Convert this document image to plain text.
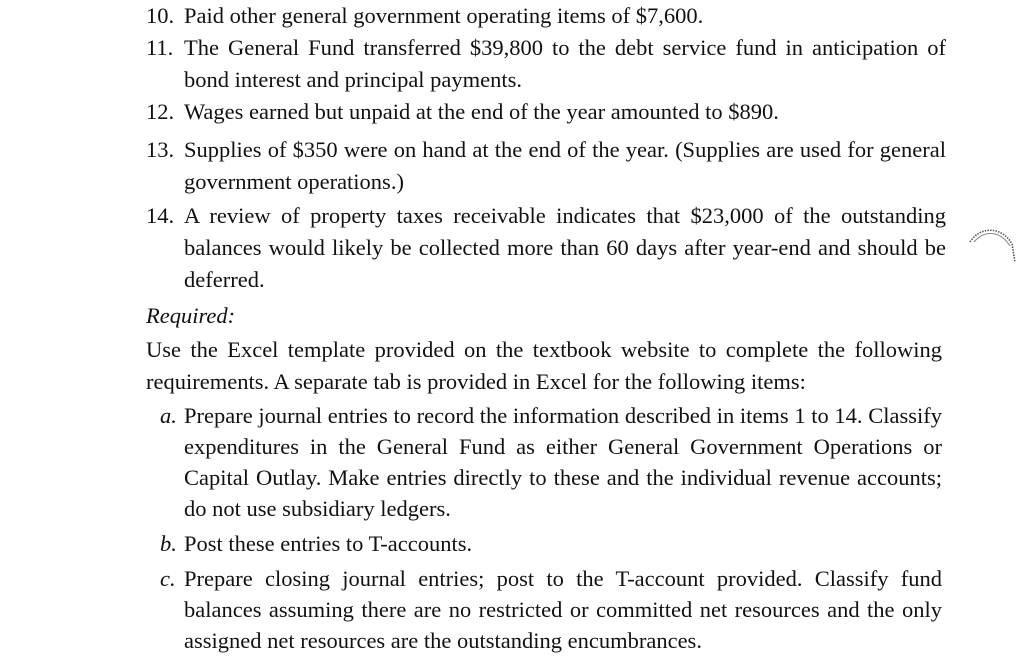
10. Paid other general government operating items of $7,600.
11. The General Fund transferred $39,800 to the debt service fund in anticipation of bond interest and principal payments.
12. Wages earned but unpaid at the end of the year amounted to $890.
13. Supplies of $350 were on hand at the end of the year. (Supplies are used for general government operations.)
14. A review of property taxes receivable indicates that $23,000 of the outstanding balances would likely be collected more than 60 days after year-end and should be deferred.
Required:
Use the Excel template provided on the textbook website to complete the following requirements. A separate tab is provided in Excel for the following items:
a. Prepare journal entries to record the information described in items 1 to 14. Classify expenditures in the General Fund as either General Government Operations or Capital Outlay. Make entries directly to these and the individual revenue accounts; do not use subsidiary ledgers.
b. Post these entries to T-accounts.
c. Prepare closing journal entries; post to the T-account provided. Classify fund balances assuming there are no restricted or committed net resources and the only assigned net resources are the outstanding encumbrances.
